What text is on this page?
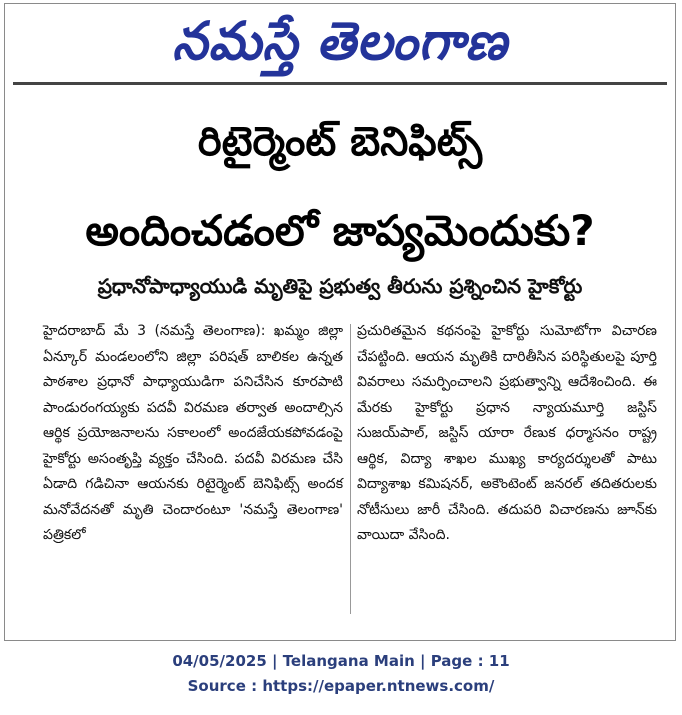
నమస్తే తెలంగాణ
రిటైర్మెంట్ బెనిఫిట్స్
అందించడంలో జాప్యమెందుకు?
ప్రధానోపాధ్యాయుడి మృతిపై ప్రభుత్వ తీరును ప్రశ్నించిన హైకోర్టు
హైదరాబాద్ మే 3 (నమస్తే తెలంగాణ): ఖమ్మం జిల్లా ఏన్కూర్ మండలంలోని జిల్లా పరిషత్ బాలికల ఉన్నత పాఠశాల ప్రధానో పాధ్యాయుడిగా పనిచేసిన కూరపాటి పాండురంగయ్యకు పదవీ విరమణ తర్వాత అందాల్సిన ఆర్థిక ప్రయోజనాలను సకాలంలో అందజేయకపోవడంపై హైకోర్టు అసంతృప్తి వ్యక్తం చేసింది. పదవీ విరమణ చేసి ఏడాది గడిచినా ఆయనకు రిటైర్మెంట్ బెనిఫిట్స్ అందక మనోవేదనతో మృతి చెందారంటూ 'నమస్తే తెలంగాణ' పత్రికలో
ప్రచురితమైన కథనంపై హైకోర్టు సుమోటోగా విచారణ చేపట్టింది. ఆయన మృతికి దారితీసిన పరిస్థితులపై పూర్తి వివరాలు సమర్పించాలని ప్రభుత్వాన్ని ఆదేశించింది. ఈ మేరకు హైకోర్టు ప్రధాన న్యాయమూర్తి జస్టిస్ సుజయ్‌పాల్, జస్టిస్ యారా రేణుక ధర్మాసనం రాష్ట్ర ఆర్థిక, విద్యా శాఖల ముఖ్య కార్యదర్శులతో పాటు విద్యాశాఖ కమిషనర్, అకౌంటెంట్ జనరల్ తదితరులకు నోటీసులు జారీ చేసింది. తదుపరి విచారణను జూన్‌కు వాయిదా వేసింది.
04/05/2025 | Telangana Main | Page : 11
Source : https://epaper.ntnews.com/
